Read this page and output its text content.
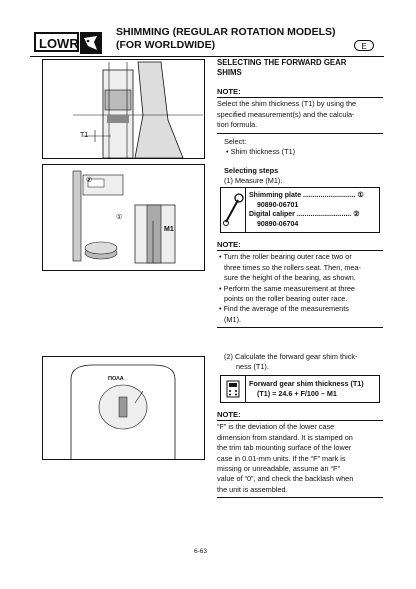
LOWR
SHIMMING (REGULAR ROTATION MODELS)
(FOR WORLDWIDE)	E
T1
①
②
M1
ΠΟΛΑ
SELECTING THE FORWARD GEAR
SHIMS
NOTE:
Select the shim thickness (T1) by using the
specified measurement(s) and the calcula-
tion formula.
Select:
• Shim thickness (T1)
Selecting steps
(1) Measure (M1).
Shimming plate ........................... ①
90890-06701
Digital caliper ............................ ②
90890-06704
NOTE:
• Turn the roller bearing outer race two or
three times so the rollers seat. Then, mea-
sure the height of the bearing, as shown.
• Perform the same measurement at three
points on the roller bearing outer race.
• Find the average of the measurements
(M1).
(2) Calculate the forward gear shim thick-
ness (T1).
Forward gear shim thickness (T1)
(T1) = 24.6 + F/100 – M1
NOTE:
“F” is the deviation of the lower case
dimension from standard. It is stamped on
the trim tab mounting surface of the lower
case in 0.01-mm units. If the “F” mark is
missing or unreadable, assume an “F”
value of “0”, and check the backlash when
the unit is assembled.
6-63
